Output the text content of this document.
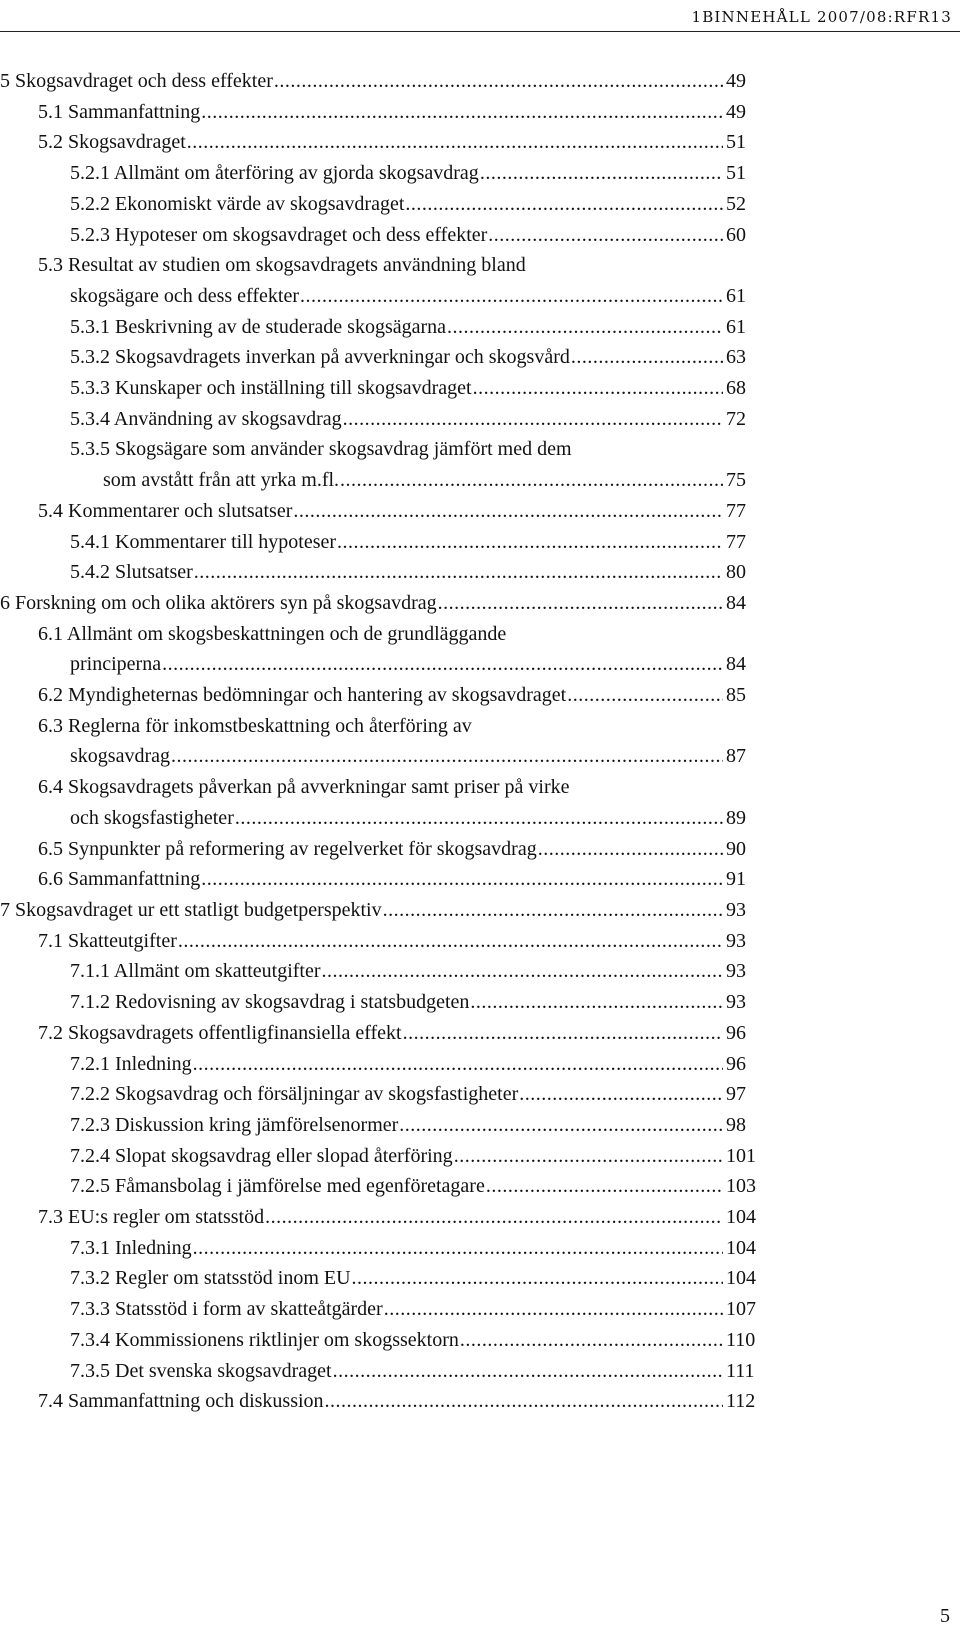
1BINNEHÅLL 2007/08:RFR13
5 Skogsavdraget och dess effekter .....	49
5.1 Sammanfattning .....	49
5.2 Skogsavdraget .....	51
5.2.1 Allmänt om återföring av gjorda skogsavdrag .....	51
5.2.2 Ekonomiskt värde av skogsavdraget .....	52
5.2.3 Hypoteser om skogsavdraget och dess effekter .....	60
5.3 Resultat av studien om skogsavdragets användning bland
skogsägare och dess effekter .....	61
5.3.1 Beskrivning av de studerade skogsägarna .....	61
5.3.2 Skogsavdragets inverkan på avverkningar och skogsvård .....	63
5.3.3 Kunskaper och inställning till skogsavdraget .....	68
5.3.4 Användning av skogsavdrag .....	72
5.3.5 Skogsägare som använder skogsavdrag jämfört med dem
som avstått från att yrka m.fl. .....	75
5.4 Kommentarer och slutsatser .....	77
5.4.1 Kommentarer till hypoteser .....	77
5.4.2 Slutsatser .....	80
6 Forskning om och olika aktörers syn på skogsavdrag .....	84
6.1 Allmänt om skogsbeskattningen och de grundläggande
principerna .....	84
6.2 Myndigheternas bedömningar och hantering av skogsavdraget .....	85
6.3 Reglerna för inkomstbeskattning och återföring av
skogsavdrag .....	87
6.4 Skogsavdragets påverkan på avverkningar samt priser på virke
och skogsfastigheter .....	89
6.5 Synpunkter på reformering av regelverket för skogsavdrag .....	90
6.6 Sammanfattning .....	91
7 Skogsavdraget ur ett statligt budgetperspektiv .....	93
7.1 Skatteutgifter .....	93
7.1.1 Allmänt om skatteutgifter .....	93
7.1.2 Redovisning av skogsavdrag i statsbudgeten .....	93
7.2 Skogsavdragets offentligfinansiella effekt .....	96
7.2.1 Inledning .....	96
7.2.2 Skogsavdrag och försäljningar av skogsfastigheter .....	97
7.2.3 Diskussion kring jämförelsenormer .....	98
7.2.4 Slopat skogsavdrag eller slopad återföring .....	101
7.2.5 Fåmansbolag i jämförelse med egenföretagare .....	103
7.3 EU:s regler om statsstöd .....	104
7.3.1 Inledning .....	104
7.3.2 Regler om statsstöd inom EU .....	104
7.3.3 Statsstöd i form av skatteåtgärder .....	107
7.3.4 Kommissionens riktlinjer om skogssektorn .....	110
7.3.5 Det svenska skogsavdraget .....	111
7.4 Sammanfattning och diskussion .....	112
5
